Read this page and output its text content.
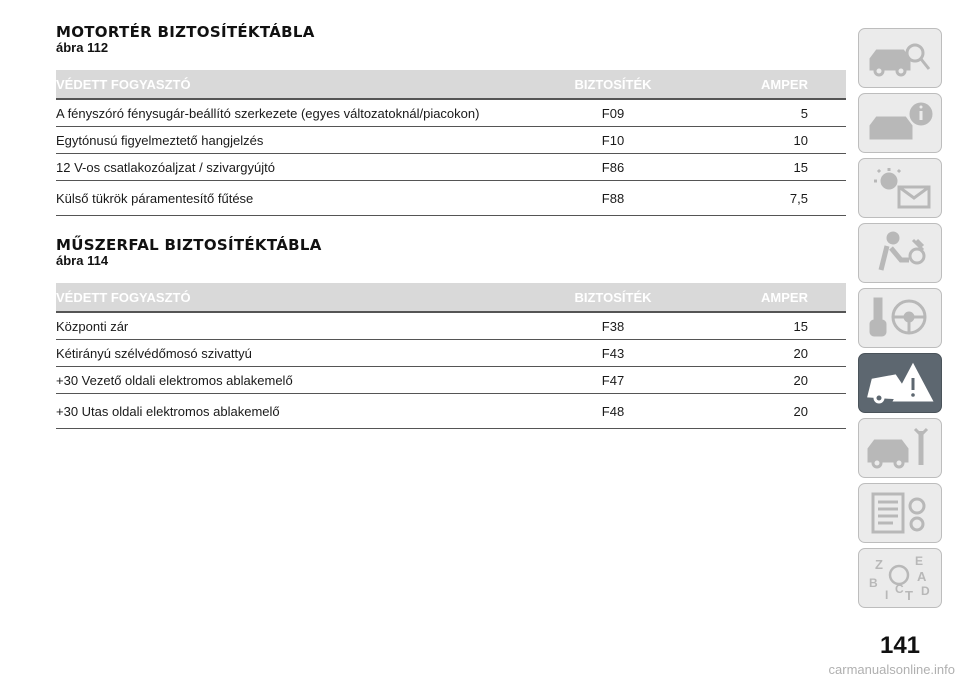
MOTORTÉR BIZTOSÍTÉKTÁBLA
ábra 112
VÉDETT FOGYASZTÓ	BIZTOSÍTÉK	AMPER
A fényszóró fénysugár-beállító szerkezete (egyes változatoknál/piacokon)	F09	5
Egytónusú figyelmeztető hangjelzés	F10	10
12 V-os csatlakozóaljzat / szivargyújtó	F86	15
Külső tükrök páramentesítő fűtése	F88	7,5
MŰSZERFAL BIZTOSÍTÉKTÁBLA
ábra 114
VÉDETT FOGYASZTÓ	BIZTOSÍTÉK	AMPER
Központi zár	F38	15
Kétirányú szélvédőmosó szivattyú	F43	20
+30 Vezető oldali elektromos ablakemelő	F47	20
+30 Utas oldali elektromos ablakemelő	F48	20
Z	E
A
B C D
T
I
141
carmanualsonline.info
